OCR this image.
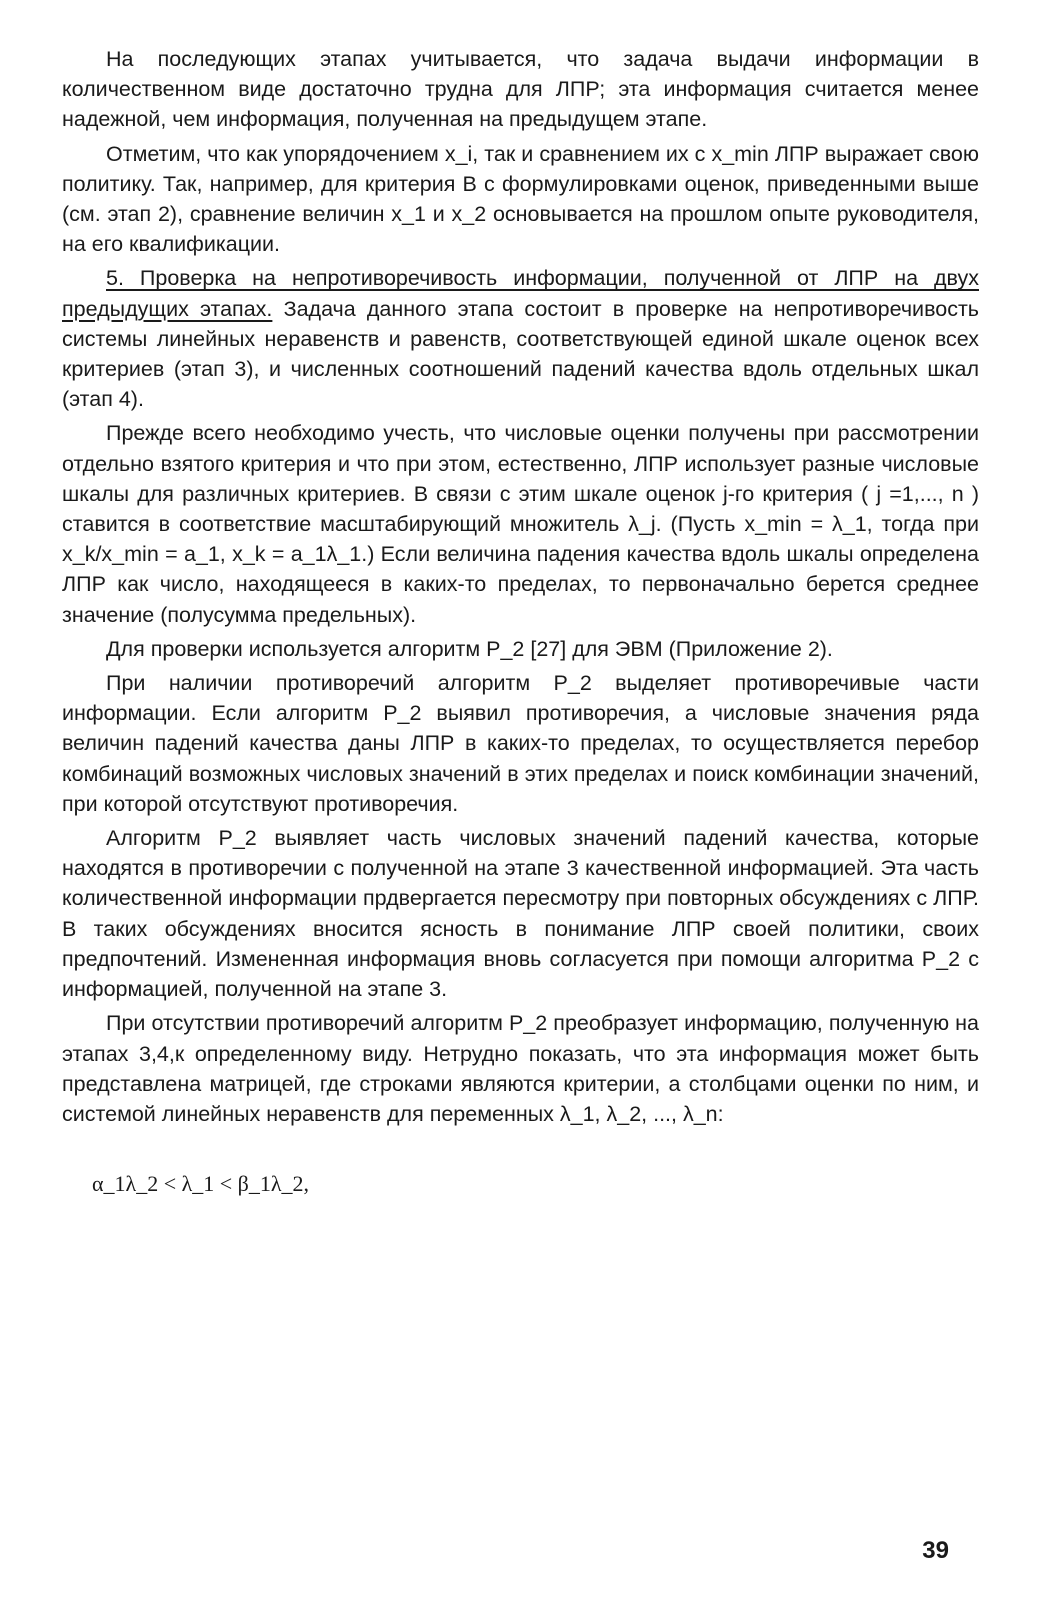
На последующих этапах учитывается, что задача выдачи информации в количественном виде достаточно трудна для ЛПР; эта информация считается менее надежной, чем информация, полученная на предыдущем этапе.

Отметим, что как упорядочением x_i, так и сравнением их с x_min ЛПР выражает свою политику. Так, например, для критерия B с формулировками оценок, приведенными выше (см. этап 2), сравнение величин x_1 и x_2 основывается на прошлом опыте руководителя, на его квалификации.

5. Проверка на непротиворечивость информации, полученной от ЛПР на двух предыдущих этапах. Задача данного этапа состоит в проверке на непротиворечивость системы линейных неравенств и равенств, соответствующей единой шкале оценок всех критериев (этап 3), и численных соотношений падений качества вдоль отдельных шкал (этап 4).

Прежде всего необходимо учесть, что числовые оценки получены при рассмотрении отдельно взятого критерия и что при этом, естественно, ЛПР использует разные числовые шкалы для различных критериев. В связи с этим шкале оценок j-го критерия ( j =1,..., n ) ставится в соответствие масштабирующий множитель λ_j. (Пусть x_min = λ_1, тогда при x_k/x_min = a_1, x_k = a_1λ_1.) Если величина падения качества вдоль шкалы определена ЛПР как число, находящееся в каких-то пределах, то первоначально берется среднее значение (полусумма предельных).

Для проверки используется алгоритм P_2 [27] для ЭВМ (Приложение 2).

При наличии противоречий алгоритм P_2 выделяет противоречивые части информации. Если алгоритм P_2 выявил противоречия, а числовые значения ряда величин падений качества даны ЛПР в каких-то пределах, то осуществляется перебор комбинаций возможных числовых значений в этих пределах и поиск комбинации значений, при которой отсутствуют противоречия.

Алгоритм P_2 выявляет часть числовых значений падений качества, которые находятся в противоречии с полученной на этапе 3 качественной информацией. Эта часть количественной информации прдвергается пересмотру при повторных обсуждениях с ЛПР. В таких обсуждениях вносится ясность в понимание ЛПР своей политики, своих предпочтений. Измененная информация вновь согласуется при помощи алгоритма P_2 с информацией, полученной на этапе 3.

При отсутствии противоречий алгоритм P_2 преобразует информацию, полученную на этапах 3,4,к определенному виду. Нетрудно показать, что эта информация может быть представлена матрицей, где строками являются критерии, а столбцами оценки по ним, и системой линейных неравенств для переменных λ_1, λ_2, ..., λ_n:

α_1λ_2 < λ_1 < β_1λ_2,
39
